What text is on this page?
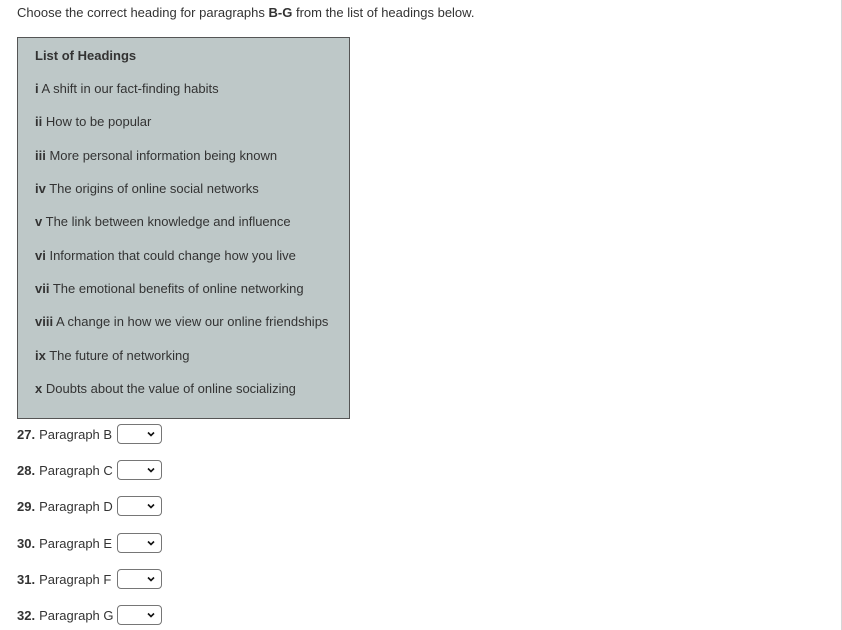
Choose the correct heading for paragraphs B-G from the list of headings below.
List of Headings
i A shift in our fact-finding habits
ii How to be popular
iii More personal information being known
iv The origins of online social networks
v The link between knowledge and influence
vi Information that could change how you live
vii The emotional benefits of online networking
viii A change in how we view our online friendships
ix The future of networking
x Doubts about the value of online socializing
27. Paragraph B
28. Paragraph C
29. Paragraph D
30. Paragraph E
31. Paragraph F
32. Paragraph G
